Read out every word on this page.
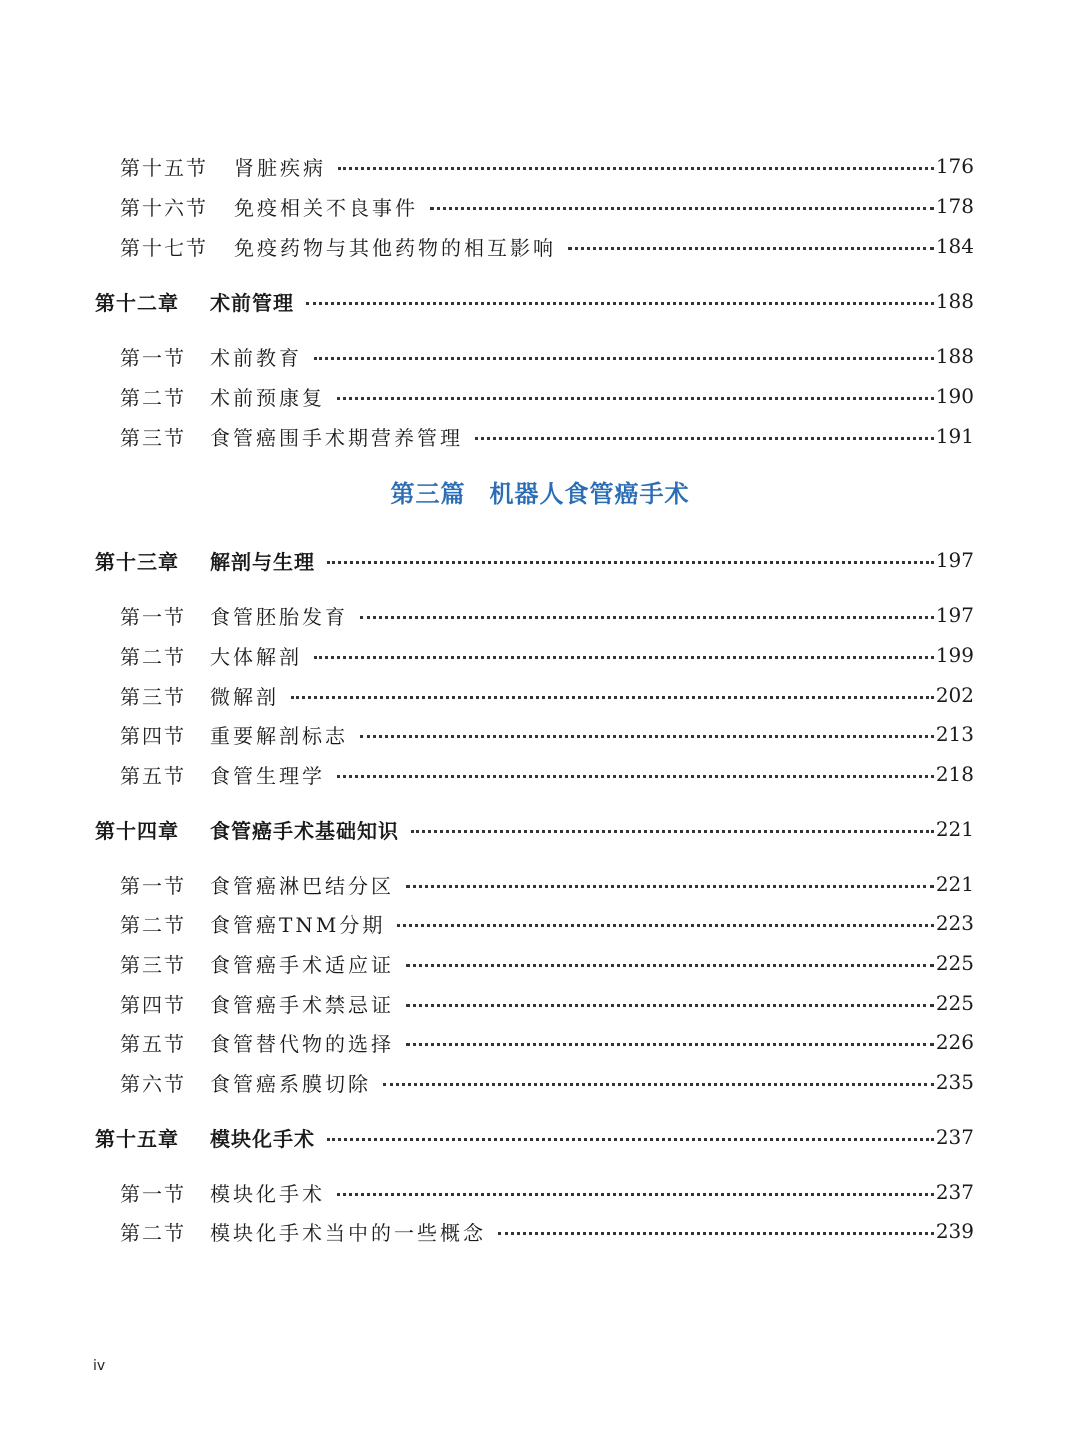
第十五节	肾脏疾病	176
第十六节	免疫相关不良事件	178
第十七节	免疫药物与其他药物的相互影响	184
第十二章	术前管理	188
第一节	术前教育	188
第二节	术前预康复	190
第三节	食管癌围手术期营养管理	191
第三篇 机器人食管癌手术
第十三章	解剖与生理	197
第一节	食管胚胎发育	197
第二节	大体解剖	199
第三节	微解剖	202
第四节	重要解剖标志	213
第五节	食管生理学	218
第十四章	食管癌手术基础知识	221
第一节	食管癌淋巴结分区	221
第二节	食管癌TNM分期	223
第三节	食管癌手术适应证	225
第四节	食管癌手术禁忌证	225
第五节	食管替代物的选择	226
第六节	食管癌系膜切除	235
第十五章	模块化手术	237
第一节	模块化手术	237
第二节	模块化手术当中的一些概念	239
iv
